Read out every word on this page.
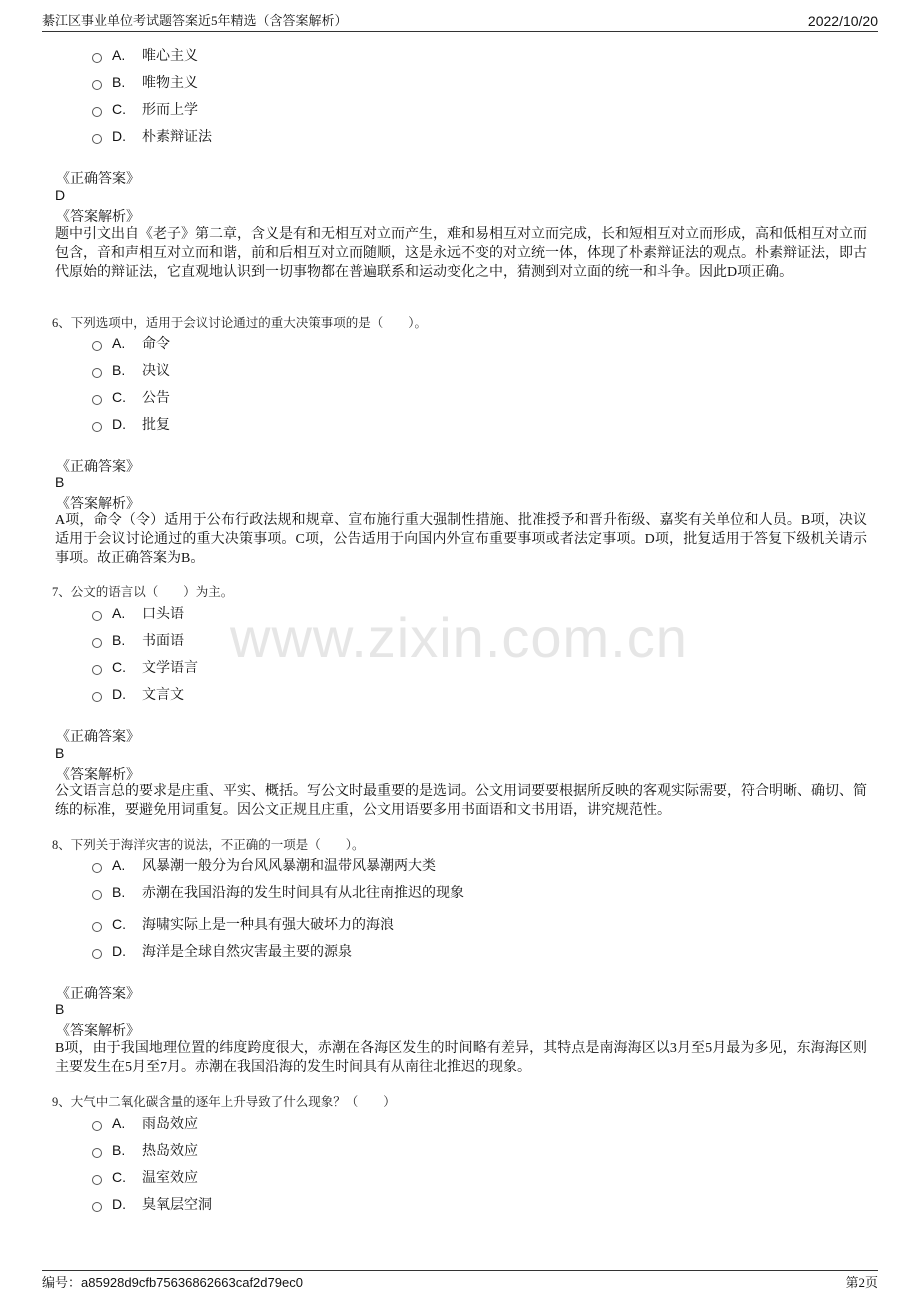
綦江区事业单位考试题答案近5年精选（含答案解析）	2022/10/20
www.zixin.com.cn
A.	唯心主义
B.	唯物主义
C.	形而上学
D.	朴素辩证法
《正确答案》
D
《答案解析》
题中引文出自《老子》第二章，含义是有和无相互对立而产生，难和易相互对立而完成，长和短相互对立而形成，高和低相互对立而包含，音和声相互对立而和谐，前和后相互对立而随顺，这是永远不变的对立统一体，体现了朴素辩证法的观点。朴素辩证法，即古代原始的辩证法，它直观地认识到一切事物都在普遍联系和运动变化之中，猜测到对立面的统一和斗争。因此D项正确。
6、下列选项中，适用于会议讨论通过的重大决策事项的是（　　）。
A.	命令
B.	决议
C.	公告
D.	批复
《正确答案》
B
《答案解析》
A项，命令（令）适用于公布行政法规和规章、宣布施行重大强制性措施、批准授予和晋升衔级、嘉奖有关单位和人员。B项，决议适用于会议讨论通过的重大决策事项。C项，公告适用于向国内外宣布重要事项或者法定事项。D项，批复适用于答复下级机关请示事项。故正确答案为B。
7、公文的语言以（　　）为主。
A.	口头语
B.	书面语
C.	文学语言
D.	文言文
《正确答案》
B
《答案解析》
公文语言总的要求是庄重、平实、概括。写公文时最重要的是选词。公文用词要要根据所反映的客观实际需要，符合明晰、确切、简练的标准，要避免用词重复。因公文正规且庄重，公文用语要多用书面语和文书用语，讲究规范性。
8、下列关于海洋灾害的说法，不正确的一项是（　　）。
A.	风暴潮一般分为台风风暴潮和温带风暴潮两大类
B.	赤潮在我国沿海的发生时间具有从北往南推迟的现象
C.	海啸实际上是一种具有强大破坏力的海浪
D.	海洋是全球自然灾害最主要的源泉
《正确答案》
B
《答案解析》
B项，由于我国地理位置的纬度跨度很大，赤潮在各海区发生的时间略有差异，其特点是南海海区以3月至5月最为多见，东海海区则主要发生在5月至7月。赤潮在我国沿海的发生时间具有从南往北推迟的现象。
9、大气中二氧化碳含量的逐年上升导致了什么现象？（　　）
A.	雨岛效应
B.	热岛效应
C.	温室效应
D.	臭氧层空洞
编号：a85928d9cfb75636862663caf2d79ec0	第2页
